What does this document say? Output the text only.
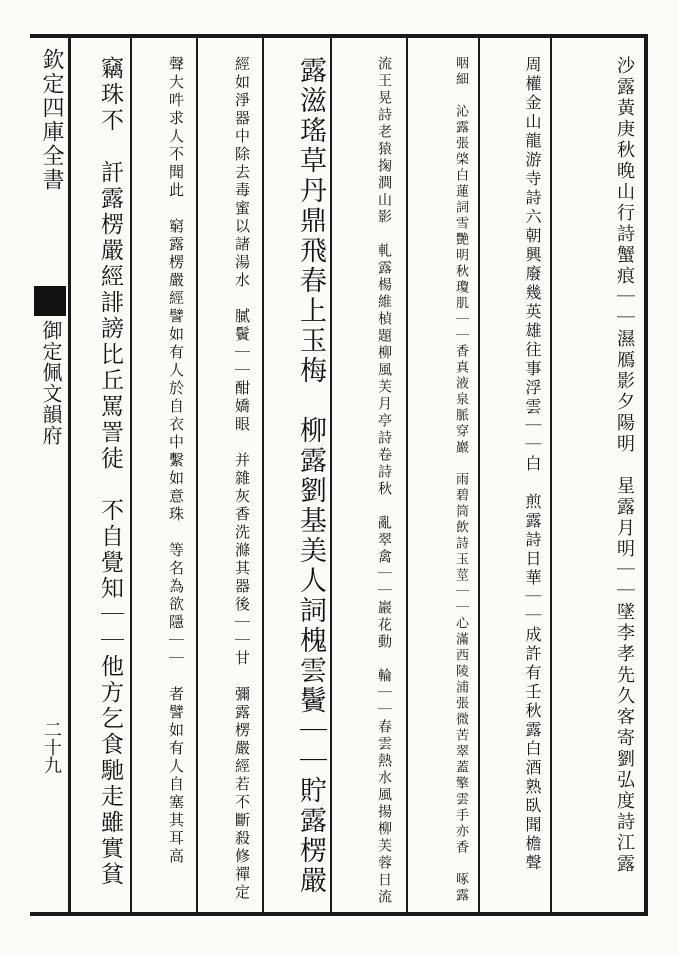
欽定四庫全書
御定佩文韻府
二十九	沙露黃庚秋晚山行詩蟹痕｜｜濕鴈影夕陽明　星露月明｜｜墜李孝先久客寄劉弘度詩江露
周權金山龍游寺詩六朝興廢幾英雄往事浮雲｜｜白　煎露詩日華｜｜成許有壬秋露白酒熟臥聞檐聲
咽細　沁露張棨白蓮詞雪艷明秋瓊肌｜｜香真液泉脈穿巖　雨碧筒飲詩玉莖｜｜心滿西陵浦張微苦翠蓋擎雲手亦香　啄露
流王晃詩老猿掬澗山影　軋露楊維楨題柳風芙月亭詩卷詩秋　亂翠禽｜｜巖花動　輪｜｜春雲熱水風揚柳芙蓉日流
露滋瑤草丹鼎飛春上玉梅　柳露劉基美人詞槐雲鬢｜｜貯露楞嚴
經如淨器中除去毒蜜以諸湯水　膩鬢｜｜酣嬌眼　并雜灰香洗滌其器後｜｜甘　彌露楞嚴經若不斷殺修禪定
聲大吽求人不聞此　窮露楞嚴經譬如有人於自衣中繫如意珠　等名為欲隱｜｜　者譬如有人自塞其耳高
竊珠不　訐露楞嚴經誹謗比丘罵詈徒　不自覺知｜｜他方乞食馳走雖實貧
